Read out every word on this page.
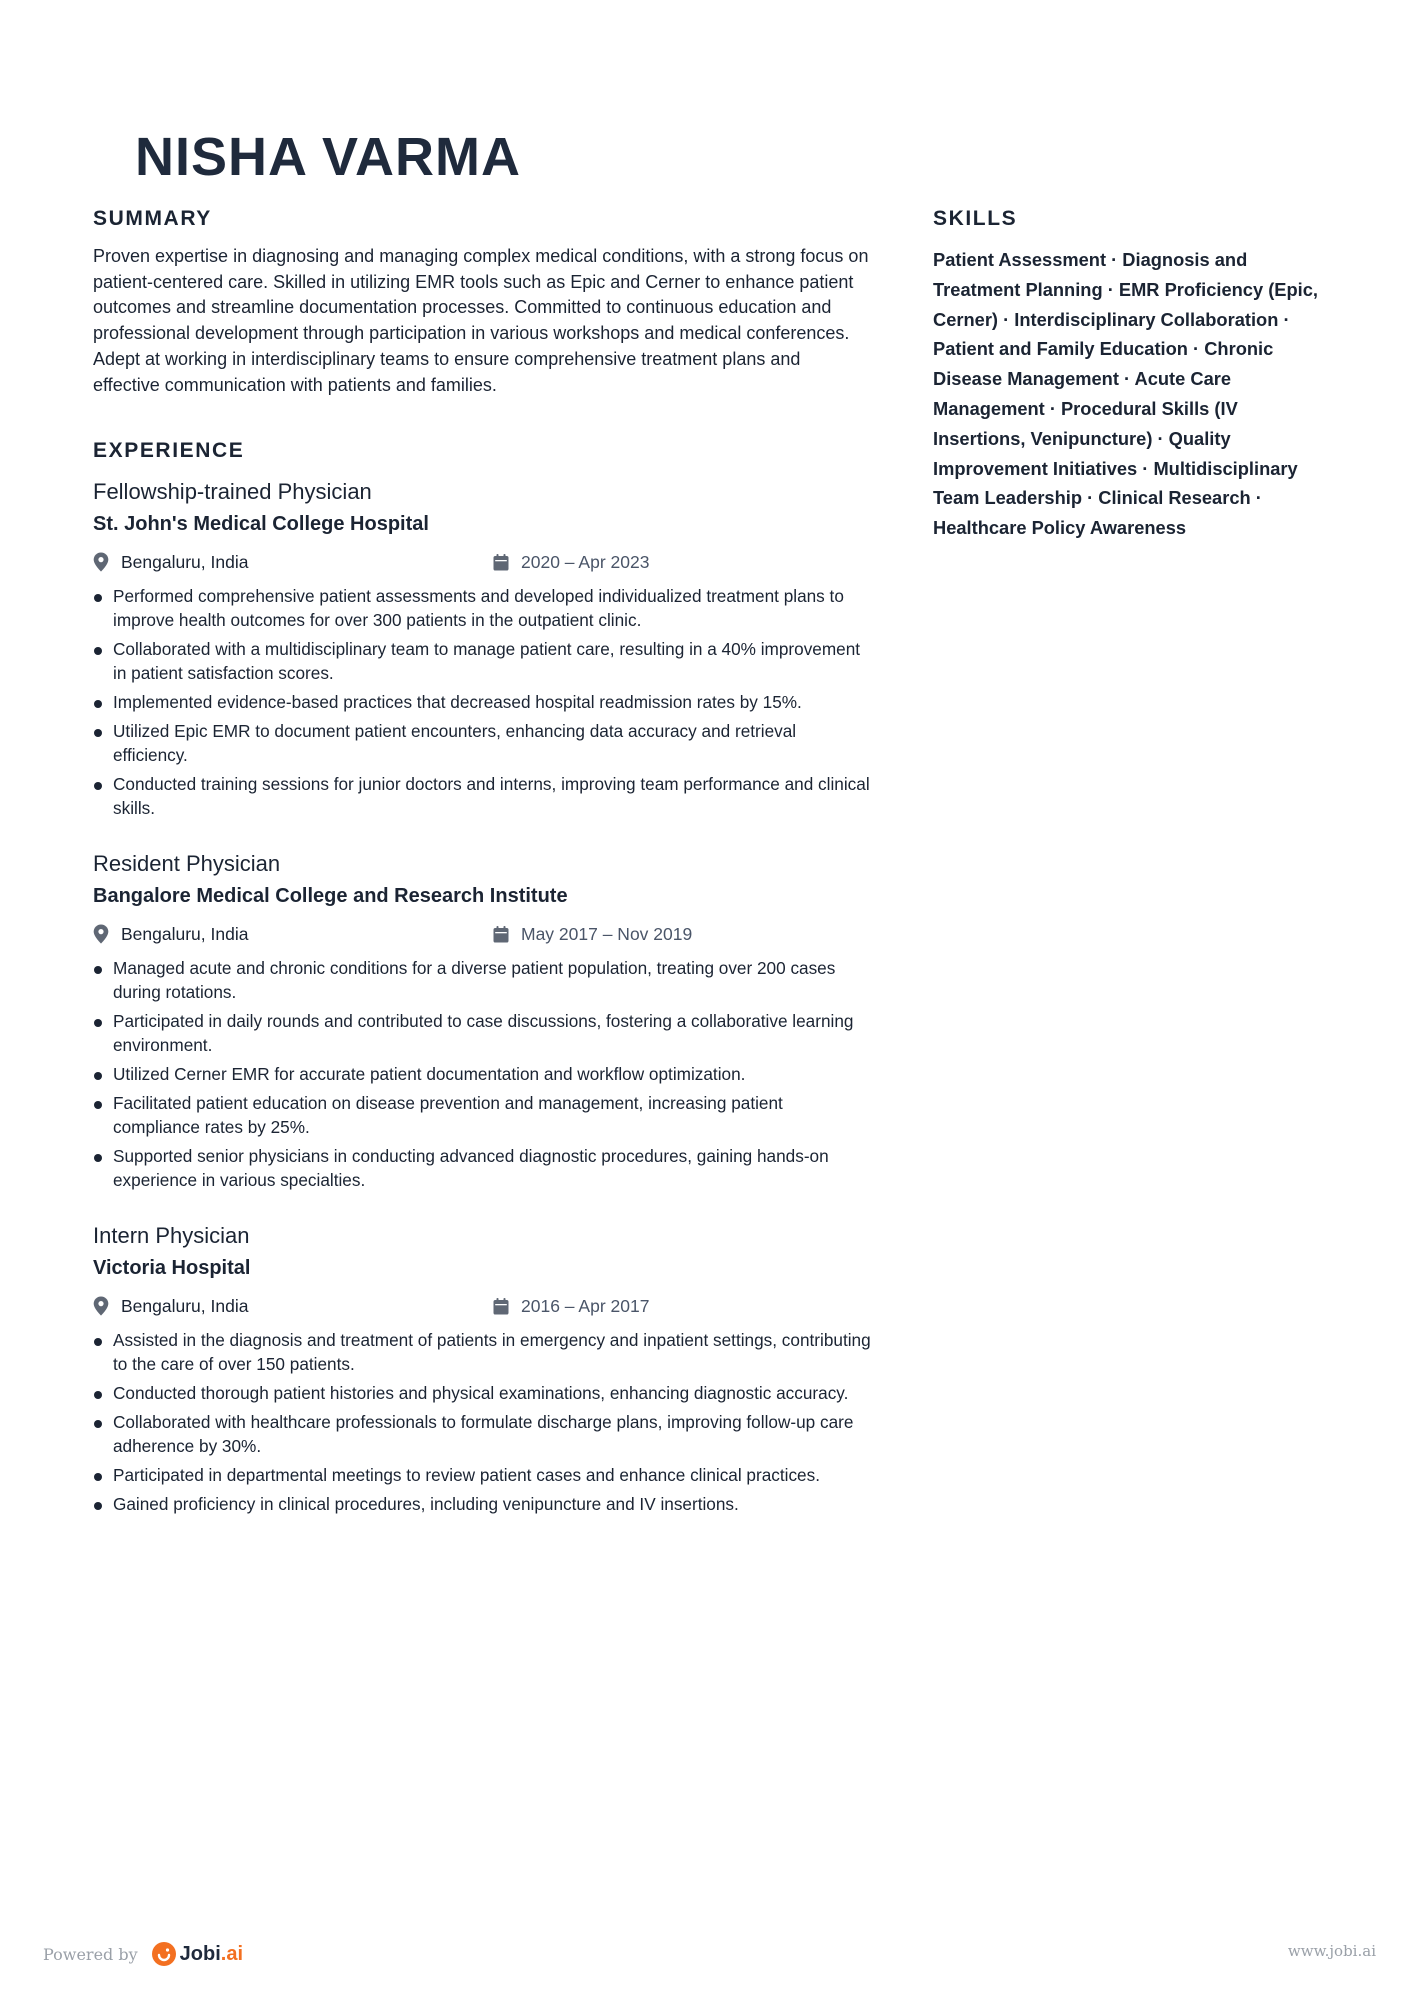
NISHA VARMA
SUMMARY

Proven expertise in diagnosing and managing complex medical conditions, with a strong focus on patient-centered care. Skilled in utilizing EMR tools such as Epic and Cerner to enhance patient outcomes and streamline documentation processes. Committed to continuous education and professional development through participation in various workshops and medical conferences. Adept at working in interdisciplinary teams to ensure comprehensive treatment plans and effective communication with patients and families.

EXPERIENCE
Fellowship-trained Physician
St. John's Medical College Hospital
Bengaluru, India	2020 – Apr 2023
Performed comprehensive patient assessments and developed individualized treatment plans to improve health outcomes for over 300 patients in the outpatient clinic.
Collaborated with a multidisciplinary team to manage patient care, resulting in a 40% improvement in patient satisfaction scores.
Implemented evidence-based practices that decreased hospital readmission rates by 15%.
Utilized Epic EMR to document patient encounters, enhancing data accuracy and retrieval efficiency.
Conducted training sessions for junior doctors and interns, improving team performance and clinical skills.
Resident Physician
Bangalore Medical College and Research Institute
Bengaluru, India	May 2017 – Nov 2019
Managed acute and chronic conditions for a diverse patient population, treating over 200 cases during rotations.
Participated in daily rounds and contributed to case discussions, fostering a collaborative learning environment.
Utilized Cerner EMR for accurate patient documentation and workflow optimization.
Facilitated patient education on disease prevention and management, increasing patient compliance rates by 25%.
Supported senior physicians in conducting advanced diagnostic procedures, gaining hands-on experience in various specialties.
Intern Physician
Victoria Hospital
Bengaluru, India	2016 – Apr 2017
Assisted in the diagnosis and treatment of patients in emergency and inpatient settings, contributing to the care of over 150 patients.
Conducted thorough patient histories and physical examinations, enhancing diagnostic accuracy.
Collaborated with healthcare professionals to formulate discharge plans, improving follow-up care adherence by 30%.
Participated in departmental meetings to review patient cases and enhance clinical practices.
Gained proficiency in clinical procedures, including venipuncture and IV insertions.
SKILLS

Patient Assessment · Diagnosis and Treatment Planning · EMR Proficiency (Epic, Cerner) · Interdisciplinary Collaboration · Patient and Family Education · Chronic Disease Management · Acute Care Management · Procedural Skills (IV Insertions, Venipuncture) · Quality Improvement Initiatives · Multidisciplinary Team Leadership · Clinical Research · Healthcare Policy Awareness

Powered by Jobi.ai	www.jobi.ai
